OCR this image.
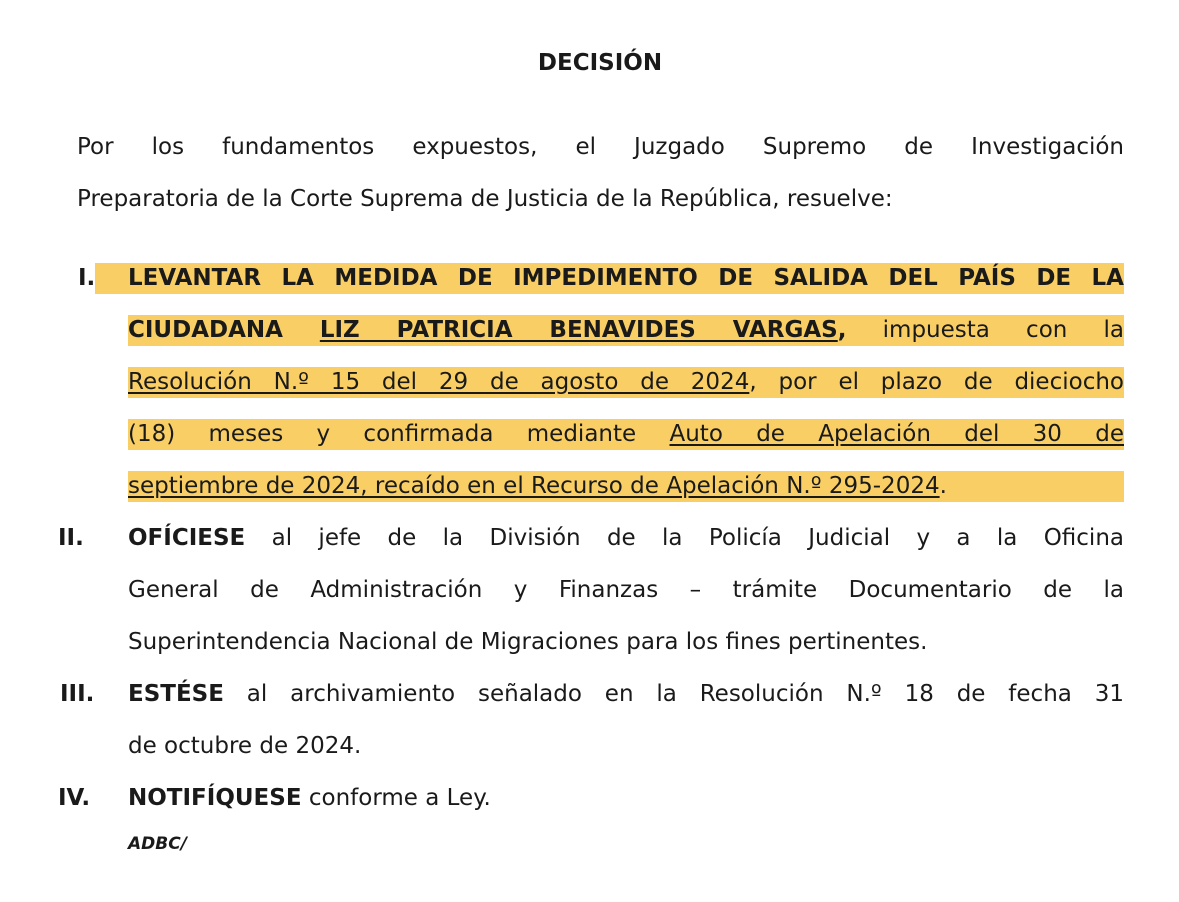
DECISIÓN
Por los fundamentos expuestos, el Juzgado Supremo de Investigación
Preparatoria de la Corte Suprema de Justicia de la República, resuelve:
I.	LEVANTAR LA MEDIDA DE IMPEDIMENTO DE SALIDA DEL PAÍS DE LA
CIUDADANA LIZ PATRICIA BENAVIDES VARGAS, impuesta con la
Resolución N.º 15 del 29 de agosto de 2024, por el plazo de dieciocho
(18) meses y confirmada mediante Auto de Apelación del 30 de
septiembre de 2024, recaído en el Recurso de Apelación N.º 295-2024.
II. OFÍCIESE al jefe de la División de la Policía Judicial y a la Oficina
General de Administración y Finanzas – trámite Documentario de la
Superintendencia Nacional de Migraciones para los fines pertinentes.
III. ESTÉSE al archivamiento señalado en la Resolución N.º 18 de fecha 31
de octubre de 2024.
IV. NOTIFÍQUESE conforme a Ley.
ADBC/
